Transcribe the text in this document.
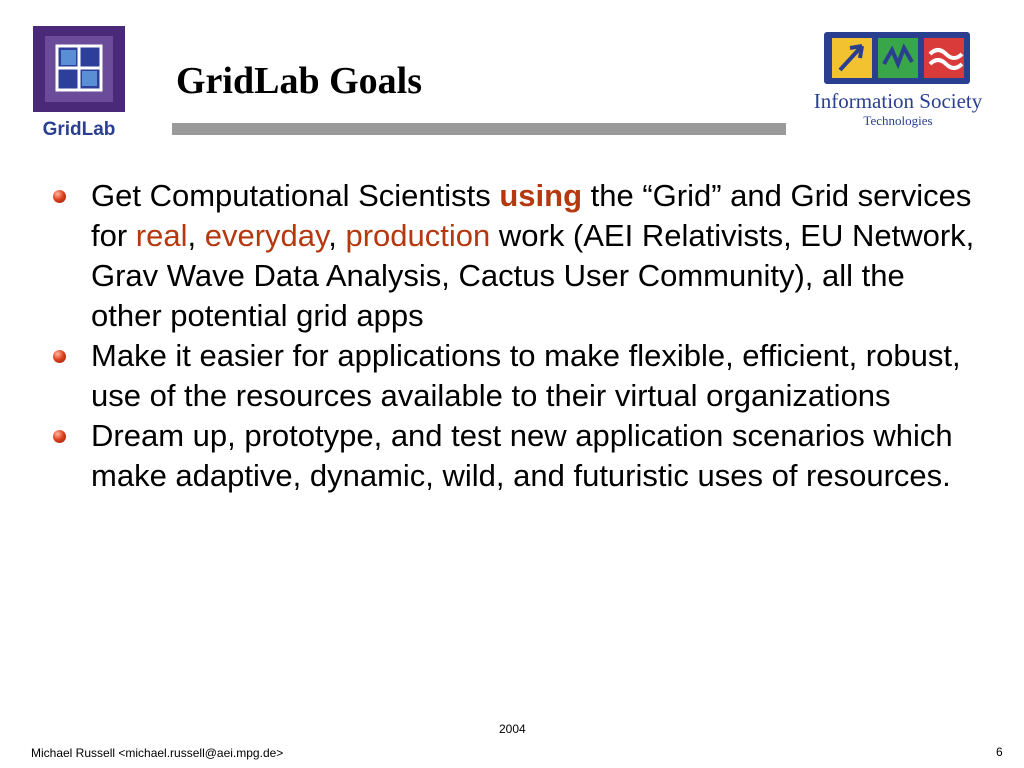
GridLab
GridLab Goals	Information Society
Technologies
Get Computational Scientists using the “Grid” and Grid services for real, everyday, production work (AEI Relativists, EU Network, Grav Wave Data Analysis, Cactus User Community), all the other potential grid apps
Make it easier for applications to make flexible, efficient, robust, use of the resources available to their virtual organizations
Dream up, prototype, and test new application scenarios which make adaptive, dynamic, wild, and futuristic uses of resources.
2004
Michael Russell <michael.russell@aei.mpg.de>	6
